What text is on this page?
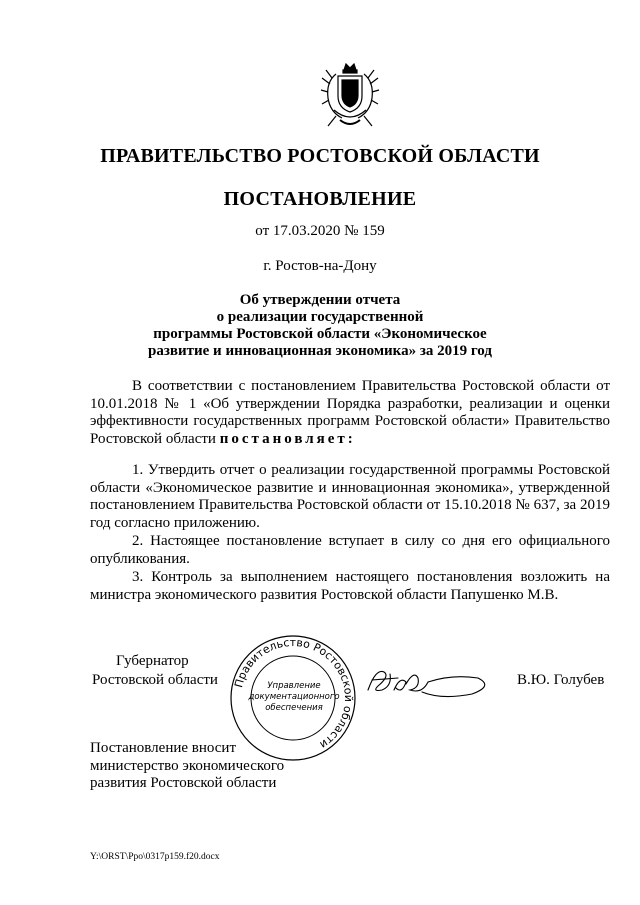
ПРАВИТЕЛЬСТВО РОСТОВСКОЙ ОБЛАСТИ
ПОСТАНОВЛЕНИЕ
от 17.03.2020 № 159
г. Ростов-на-Дону
Об утверждении отчета
о реализации государственной
программы Ростовской области «Экономическое
развитие и инновационная экономика» за 2019 год
В соответствии с постановлением Правительства Ростовской области от 10.01.2018 № 1 «Об утверждении Порядка разработки, реализации и оценки эффективности государственных программ Ростовской области» Правительство Ростовской области постановляет:
1. Утвердить отчет о реализации государственной программы Ростовской области «Экономическое развитие и инновационная экономика», утвержденной постановлением Правительства Ростовской области от 15.10.2018 № 637, за 2019 год согласно приложению.
2. Настоящее постановление вступает в силу со дня его официального опубликования.
3. Контроль за выполнением настоящего постановления возложить на министра экономического развития Ростовской области Папушенко М.В.
Губернатор
Ростовской области Правительство Ростовской области
Управление
документационного
обеспечения
В.Ю. Голубев
Постановление вносит
министерство экономического
развития Ростовской области
Y:\ORST\Ppo\0317p159.f20.docx
